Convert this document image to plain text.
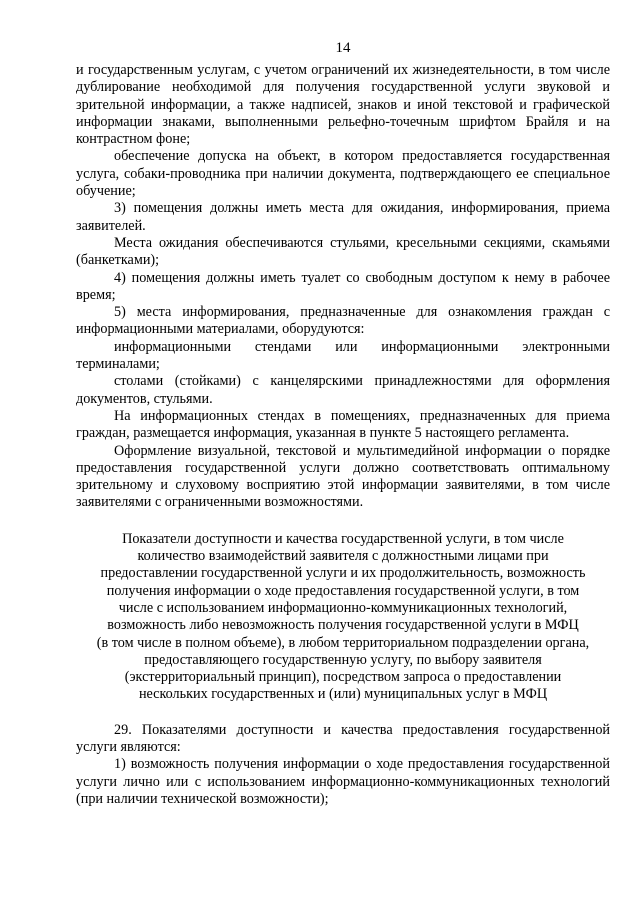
14

и государственным услугам, с учетом ограничений их жизнедеятельности, в том числе дублирование необходимой для получения государственной услуги звуковой и зрительной информации, а также надписей, знаков и иной текстовой и графической информации знаками, выполненными рельефно-точечным шрифтом Брайля и на контрастном фоне;

обеспечение допуска на объект, в котором предоставляется государственная услуга, собаки-проводника при наличии документа, подтверждающего ее специальное обучение;

3) помещения должны иметь места для ожидания, информирования, приема заявителей.

Места ожидания обеспечиваются стульями, кресельными секциями, скамьями (банкетками);

4) помещения должны иметь туалет со свободным доступом к нему в рабочее время;

5) места информирования, предназначенные для ознакомления граждан с информационными материалами, оборудуются:

информационными стендами или информационными электронными терминалами;

столами (стойками) с канцелярскими принадлежностями для оформления документов, стульями.

На информационных стендах в помещениях, предназначенных для приема граждан, размещается информация, указанная в пункте 5 настоящего регламента.

Оформление визуальной, текстовой и мультимедийной информации о порядке предоставления государственной услуги должно соответствовать оптимальному зрительному и слуховому восприятию этой информации заявителями, в том числе заявителями с ограниченными возможностями.

Показатели доступности и качества государственной услуги, в том числе
количество взаимодействий заявителя с должностными лицами при
предоставлении государственной услуги и их продолжительность, возможность
получения информации о ходе предоставления государственной услуги, в том
числе с использованием информационно-коммуникационных технологий,
возможность либо невозможность получения государственной услуги в МФЦ
(в том числе в полном объеме), в любом территориальном подразделении органа,
предоставляющего государственную услугу, по выбору заявителя
(экстерриториальный принцип), посредством запроса о предоставлении
нескольких государственных и (или) муниципальных услуг в МФЦ

29. Показателями доступности и качества предоставления государственной услуги являются:

1) возможность получения информации о ходе предоставления государственной услуги лично или с использованием информационно-коммуникационных технологий (при наличии технической возможности);
